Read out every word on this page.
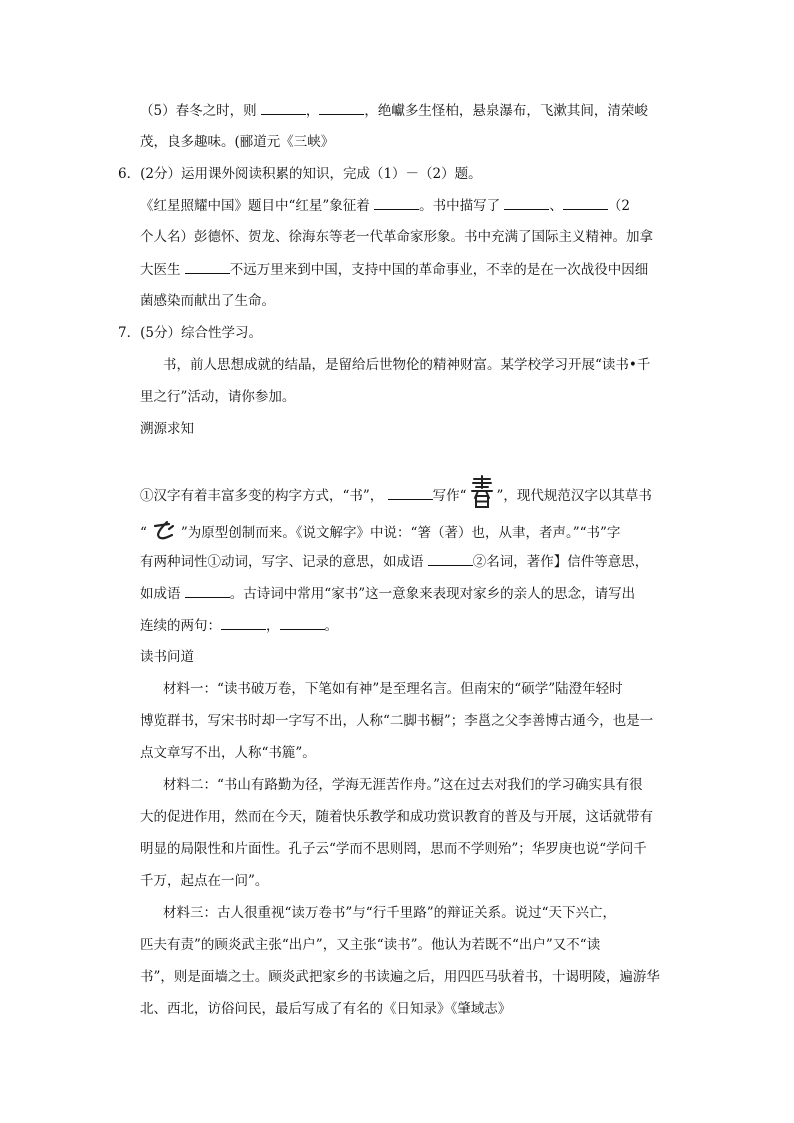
（5）春冬之时，则	，	，绝巘多生怪柏，悬泉瀑布，飞漱其间，清荣峻
茂，良多趣味。(郦道元《三峡》
6．(2分）运用课外阅读积累的知识，完成（1）－（2）题。
《红星照耀中国》题目中“红星”象征着	。书中描写了	、	（2
个人名）彭德怀、贺龙、徐海东等老一代革命家形象。书中充满了国际主义精神。加拿
大医生	不远万里来到中国，支持中国的革命事业，不幸的是在一次战役中因细
菌感染而献出了生命。
7．(5分）综合性学习。
书，前人思想成就的结晶，是留给后世物伦的精神财富。某学校学习开展“读书•千
里之行”活动，请你参加。
溯源求知
①汉字有着丰富多变的构字方式，“书”，	写作“ ”，现代规范汉字以其草书
“	”为原型创制而来。《说文解字》中说：“箸（著）也，从聿，者声。”“书”字
有两种词性①动词，写字、记录的意思，如成语	②名词，著作】信件等意思，
如成语	。古诗词中常用“家书”这一意象来表现对家乡的亲人的思念，请写出
连续的两句：	，	。
读书问道
材料一：“读书破万卷，下笔如有神”是至理名言。但南宋的“硕学”陆澄年轻时
博览群书，写宋书时却一字写不出，人称“二脚书橱”；李邕之父李善博古通今，也是一
点文章写不出，人称“书簏”。
材料二：“书山有路勤为径，学海无涯苦作舟。”这在过去对我们的学习确实具有很
大的促进作用，然而在今天，随着快乐教学和成功赏识教育的普及与开展，这话就带有
明显的局限性和片面性。孔子云“学而不思则罔，思而不学则殆”；华罗庚也说“学问千
千万，起点在一问”。
材料三：古人很重视“读万卷书”与“行千里路”的辩证关系。说过“天下兴亡，
匹夫有责”的顾炎武主张“出户”，又主张“读书”。他认为若既不“出户”又不“读
书”，则是面墙之士。顾炎武把家乡的书读遍之后，用四匹马驮着书，十谒明陵，遍游华
北、西北，访俗问民，最后写成了有名的《日知录》《肇域志》
